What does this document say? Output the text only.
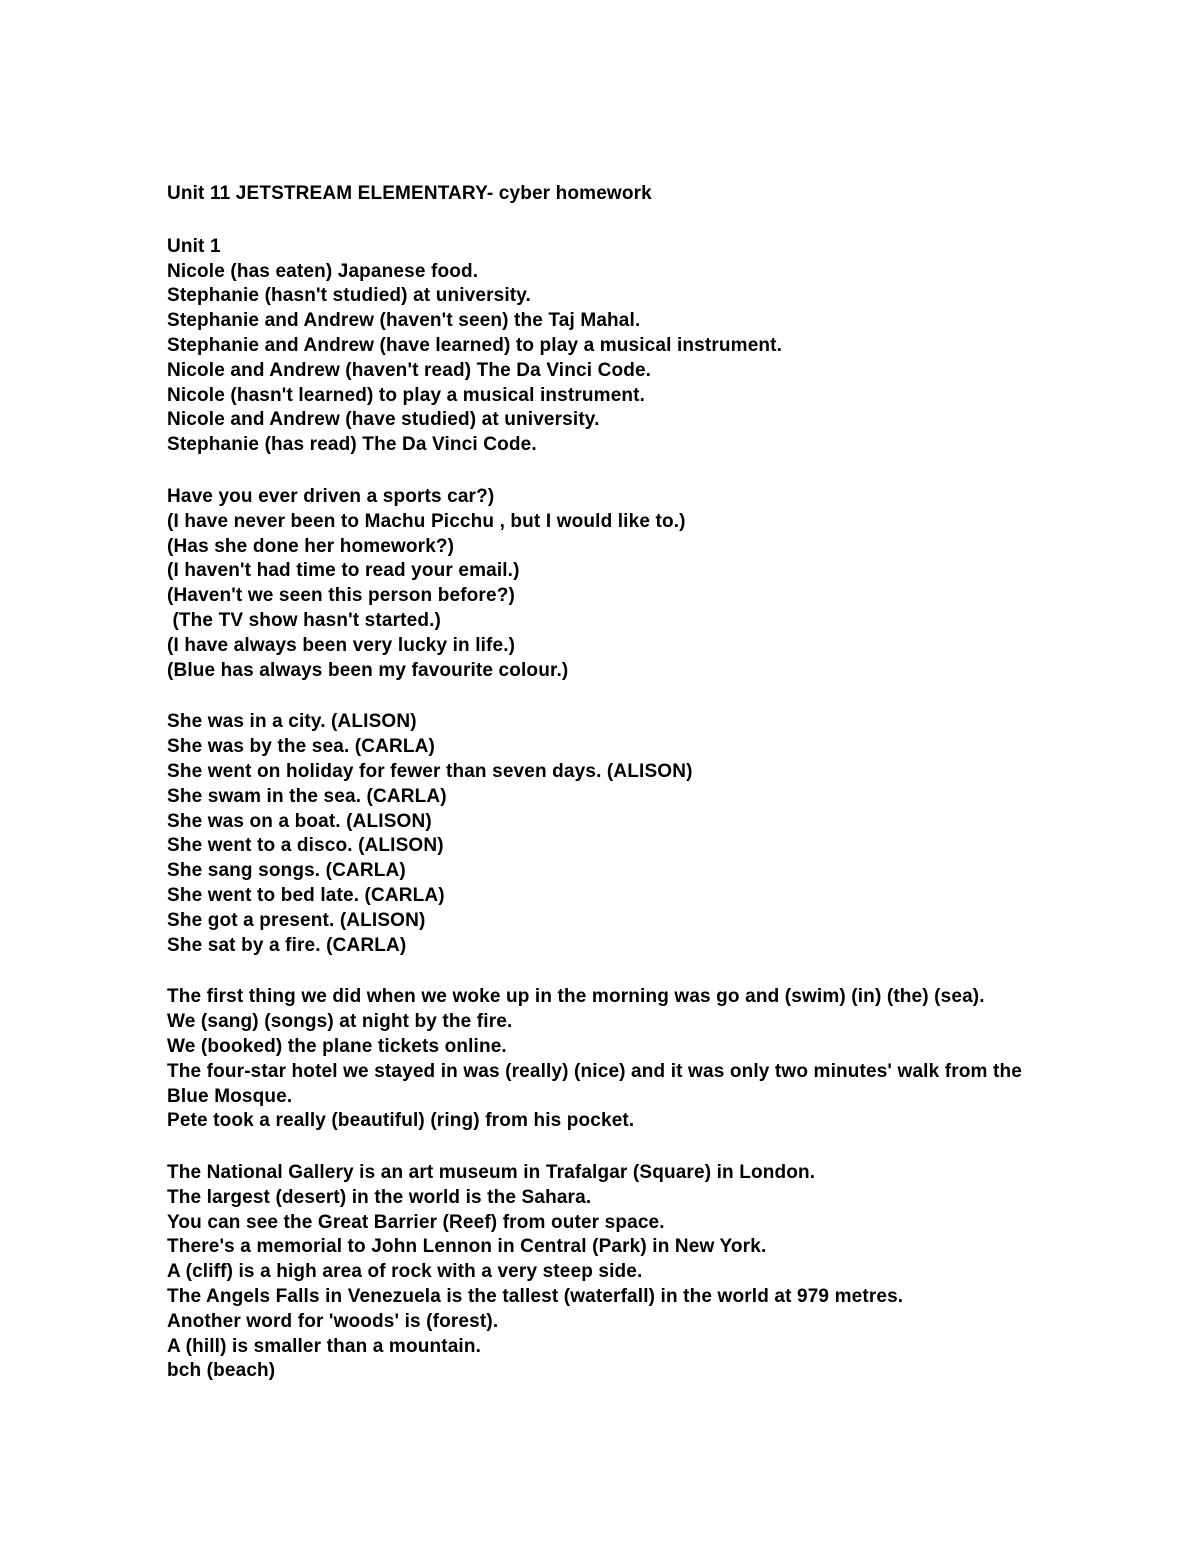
Unit 11 JETSTREAM ELEMENTARY- cyber homework
Unit 1
Nicole (has eaten) Japanese food.
Stephanie (hasn't studied) at university.
Stephanie and Andrew (haven't seen) the Taj Mahal.
Stephanie and Andrew (have learned) to play a musical instrument.
Nicole and Andrew (haven't read) The Da Vinci Code.
Nicole (hasn't learned) to play a musical instrument.
Nicole and Andrew (have studied) at university.
Stephanie (has read) The Da Vinci Code.
Have you ever driven a sports car?)
(I have never been to Machu Picchu , but I would like to.)
(Has she done her homework?)
(I haven't had time to read your email.)
(Haven't we seen this person before?)
(The TV show hasn't started.)
(I have always been very lucky in life.)
(Blue has always been my favourite colour.)
She was in a city. (ALISON)
She was by the sea. (CARLA)
She went on holiday for fewer than seven days. (ALISON)
She swam in the sea. (CARLA)
She was on a boat. (ALISON)
She went to a disco. (ALISON)
She sang songs. (CARLA)
She went to bed late. (CARLA)
She got a present. (ALISON)
She sat by a fire. (CARLA)
The first thing we did when we woke up in the morning was go and (swim) (in) (the) (sea).
We (sang) (songs) at night by the fire.
We (booked) the plane tickets online.
The four-star hotel we stayed in was (really) (nice) and it was only two minutes' walk from the Blue Mosque.
Pete took a really (beautiful) (ring) from his pocket.
The National Gallery is an art museum in Trafalgar (Square) in London.
The largest (desert) in the world is the Sahara.
You can see the Great Barrier (Reef) from outer space.
There's a memorial to John Lennon in Central (Park) in New York.
A (cliff) is a high area of rock with a very steep side.
The Angels Falls in Venezuela is the tallest (waterfall) in the world at 979 metres.
Another word for 'woods' is (forest).
A (hill) is smaller than a mountain.
bch (beach)
